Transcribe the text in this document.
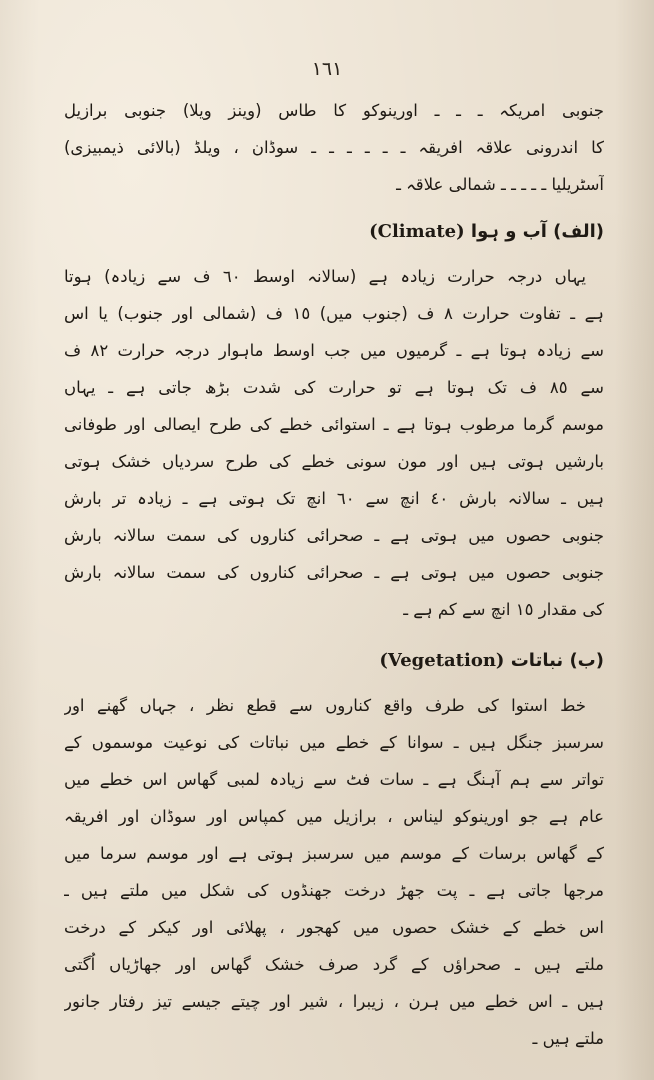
١٦١
جنوبی امریکہ ـ ـ ـ اورینوکو کا طاس (وینز ویلا) جنوبی برازیل
کا اندرونی علاقہ افریقہ ـ ـ ـ ـ ـ ـ سوڈان ، ویلڈ (بالائی ذیمبیزی)
آسٹریلیا ـ ـ ـ ـ ـ شمالی علاقہ ـ
(الف) آب و ہوا (Climate)
یہاں درجہ حرارت زیادہ ہے (سالانہ اوسط ٦٠ ف سے زیادہ) ہوتا
ہے ـ تفاوت حرارت ٨ ف (جنوب میں) ١٥ ف (شمالی اور جنوب) یا اس
سے زیادہ ہوتا ہے ـ گرمیوں میں جب اوسط ماہوار درجہ حرارت ٨٢ ف
سے ٨٥ ف تک ہوتا ہے تو حرارت کی شدت بڑھ جاتی ہے ـ یہاں
موسم گرما مرطوب ہوتا ہے ـ استوائی خطے کی طرح ایصالی اور طوفانی
بارشیں ہوتی ہیں اور مون سونی خطے کی طرح سردیاں خشک ہوتی
ہیں ـ سالانہ بارش ٤٠ انچ سے ٦٠ انچ تک ہوتی ہے ـ زیادہ تر بارش
جنوبی حصوں میں ہوتی ہے ـ صحرائی کناروں کی سمت سالانہ بارش
جنوبی حصوں میں ہوتی ہے ـ صحرائی کناروں کی سمت سالانہ بارش
کی مقدار ١٥ انچ سے کم ہے ـ
(ب) نباتات (Vegetation)
خط استوا کی طرف واقع کناروں سے قطع نظر ، جہاں گھنے اور
سرسبز جنگل ہیں ـ سوانا کے خطے میں نباتات کی نوعیت موسموں کے
تواتر سے ہم آہنگ ہے ـ سات فٹ سے زیادہ لمبی گھاس اس خطے میں
عام ہے جو اورینوکو لیناس ، برازیل میں کمپاس اور سوڈان اور افریقہ
کے گھاس برسات کے موسم میں سرسبز ہوتی ہے اور موسم سرما میں
مرجھا جاتی ہے ـ پت جھڑ درخت جھنڈوں کی شکل میں ملتے ہیں ـ
اس خطے کے خشک حصوں میں کھجور ، پھلائی اور کیکر کے درخت
ملتے ہیں ـ صحراؤں کے گرد صرف خشک گھاس اور جھاڑیاں اُگتی
ہیں ـ اس خطے میں ہرن ، زیبرا ، شیر اور چیتے جیسے تیز رفتار جانور
ملتے ہیں ـ
